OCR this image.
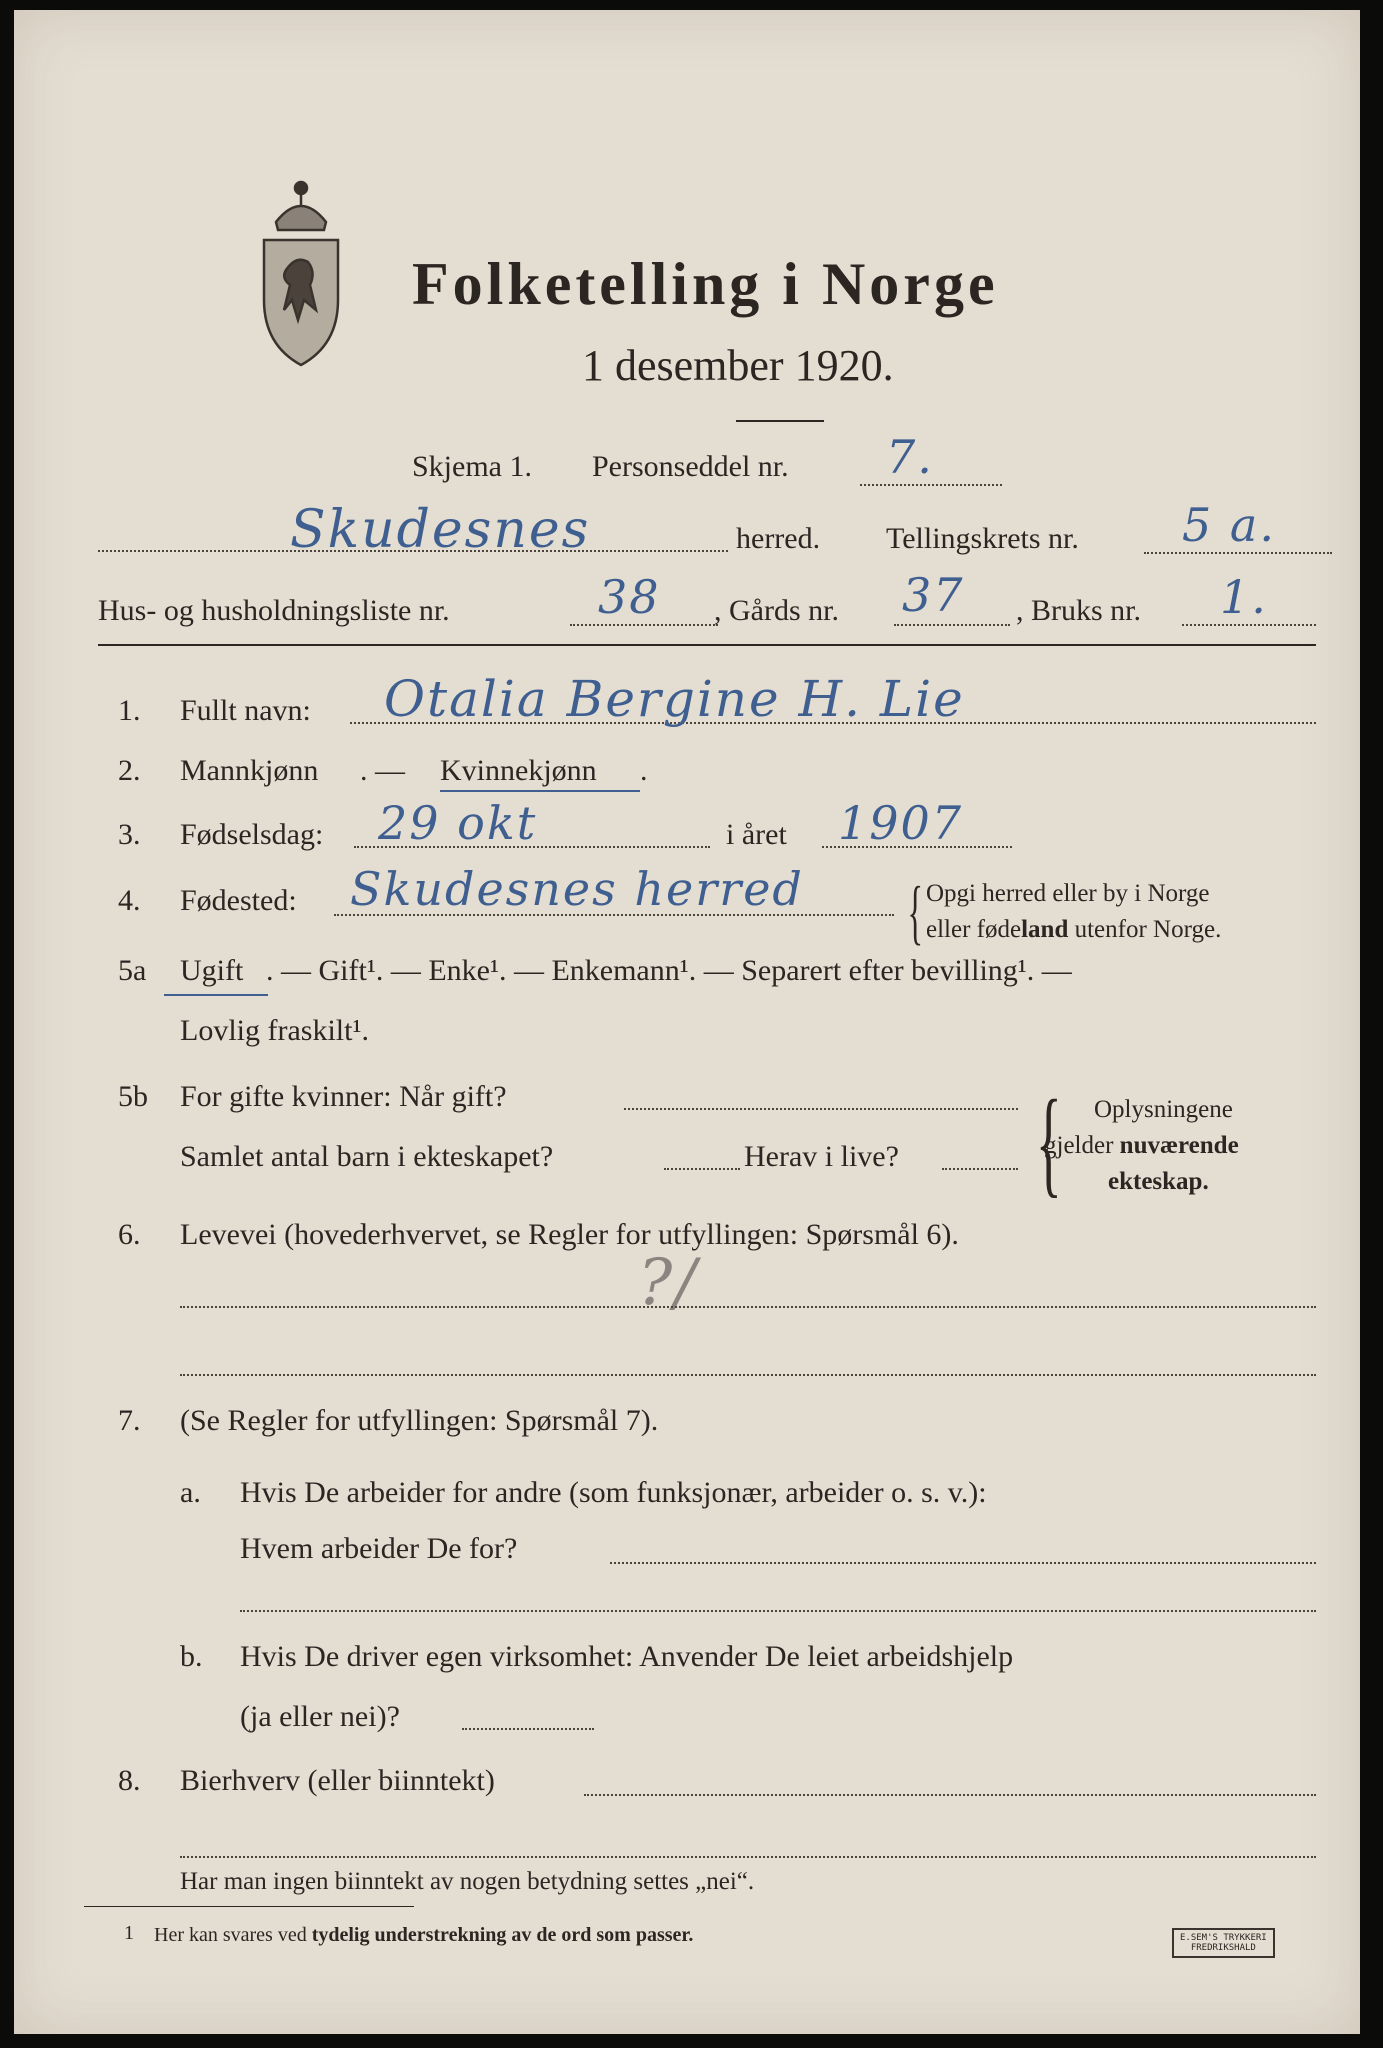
Folketelling i Norge
1 desember 1920.
Skjema 1. Personseddel nr. 7.
Skudesnes	herred. Tellingskrets nr. 5 a.
Hus- og husholdningsliste nr.	38 , Gårds nr. 37 , Bruks nr. 1.
1. Fullt navn: Otalia Bergine H. Lie
2. Mannkjønn . — Kvinnekjønn .
3. Fødselsdag: 29 okt	i året 1907
4. Fødested: Skudesnes herred { Opgi herred eller by i Norge
eller fødeland utenfor Norge.
5a Ugift . — Gift¹. — Enke¹. — Enkemann¹. — Separert efter bevilling¹. —
Lovlig fraskilt¹.
5b For gifte kvinner: Når gift?
Samlet antal barn i ekteskapet?	Herav i live? { Oplysningene
gjelder nuværende
ekteskap.
6. Levevei (hovederhvervet, se Regler for utfyllingen: Spørsmål 6).
?/
7. (Se Regler for utfyllingen: Spørsmål 7).
a. Hvis De arbeider for andre (som funksjonær, arbeider o. s. v.):
Hvem arbeider De for?
b. Hvis De driver egen virksomhet: Anvender De leiet arbeidshjelp
(ja eller nei)?
8. Bierhverv (eller biinntekt)
Har man ingen biinntekt av nogen betydning settes „nei“.
1 Her kan svares ved tydelig understrekning av de ord som passer.	E.SEM'S TRYKKERI
FREDRIKSHALD
